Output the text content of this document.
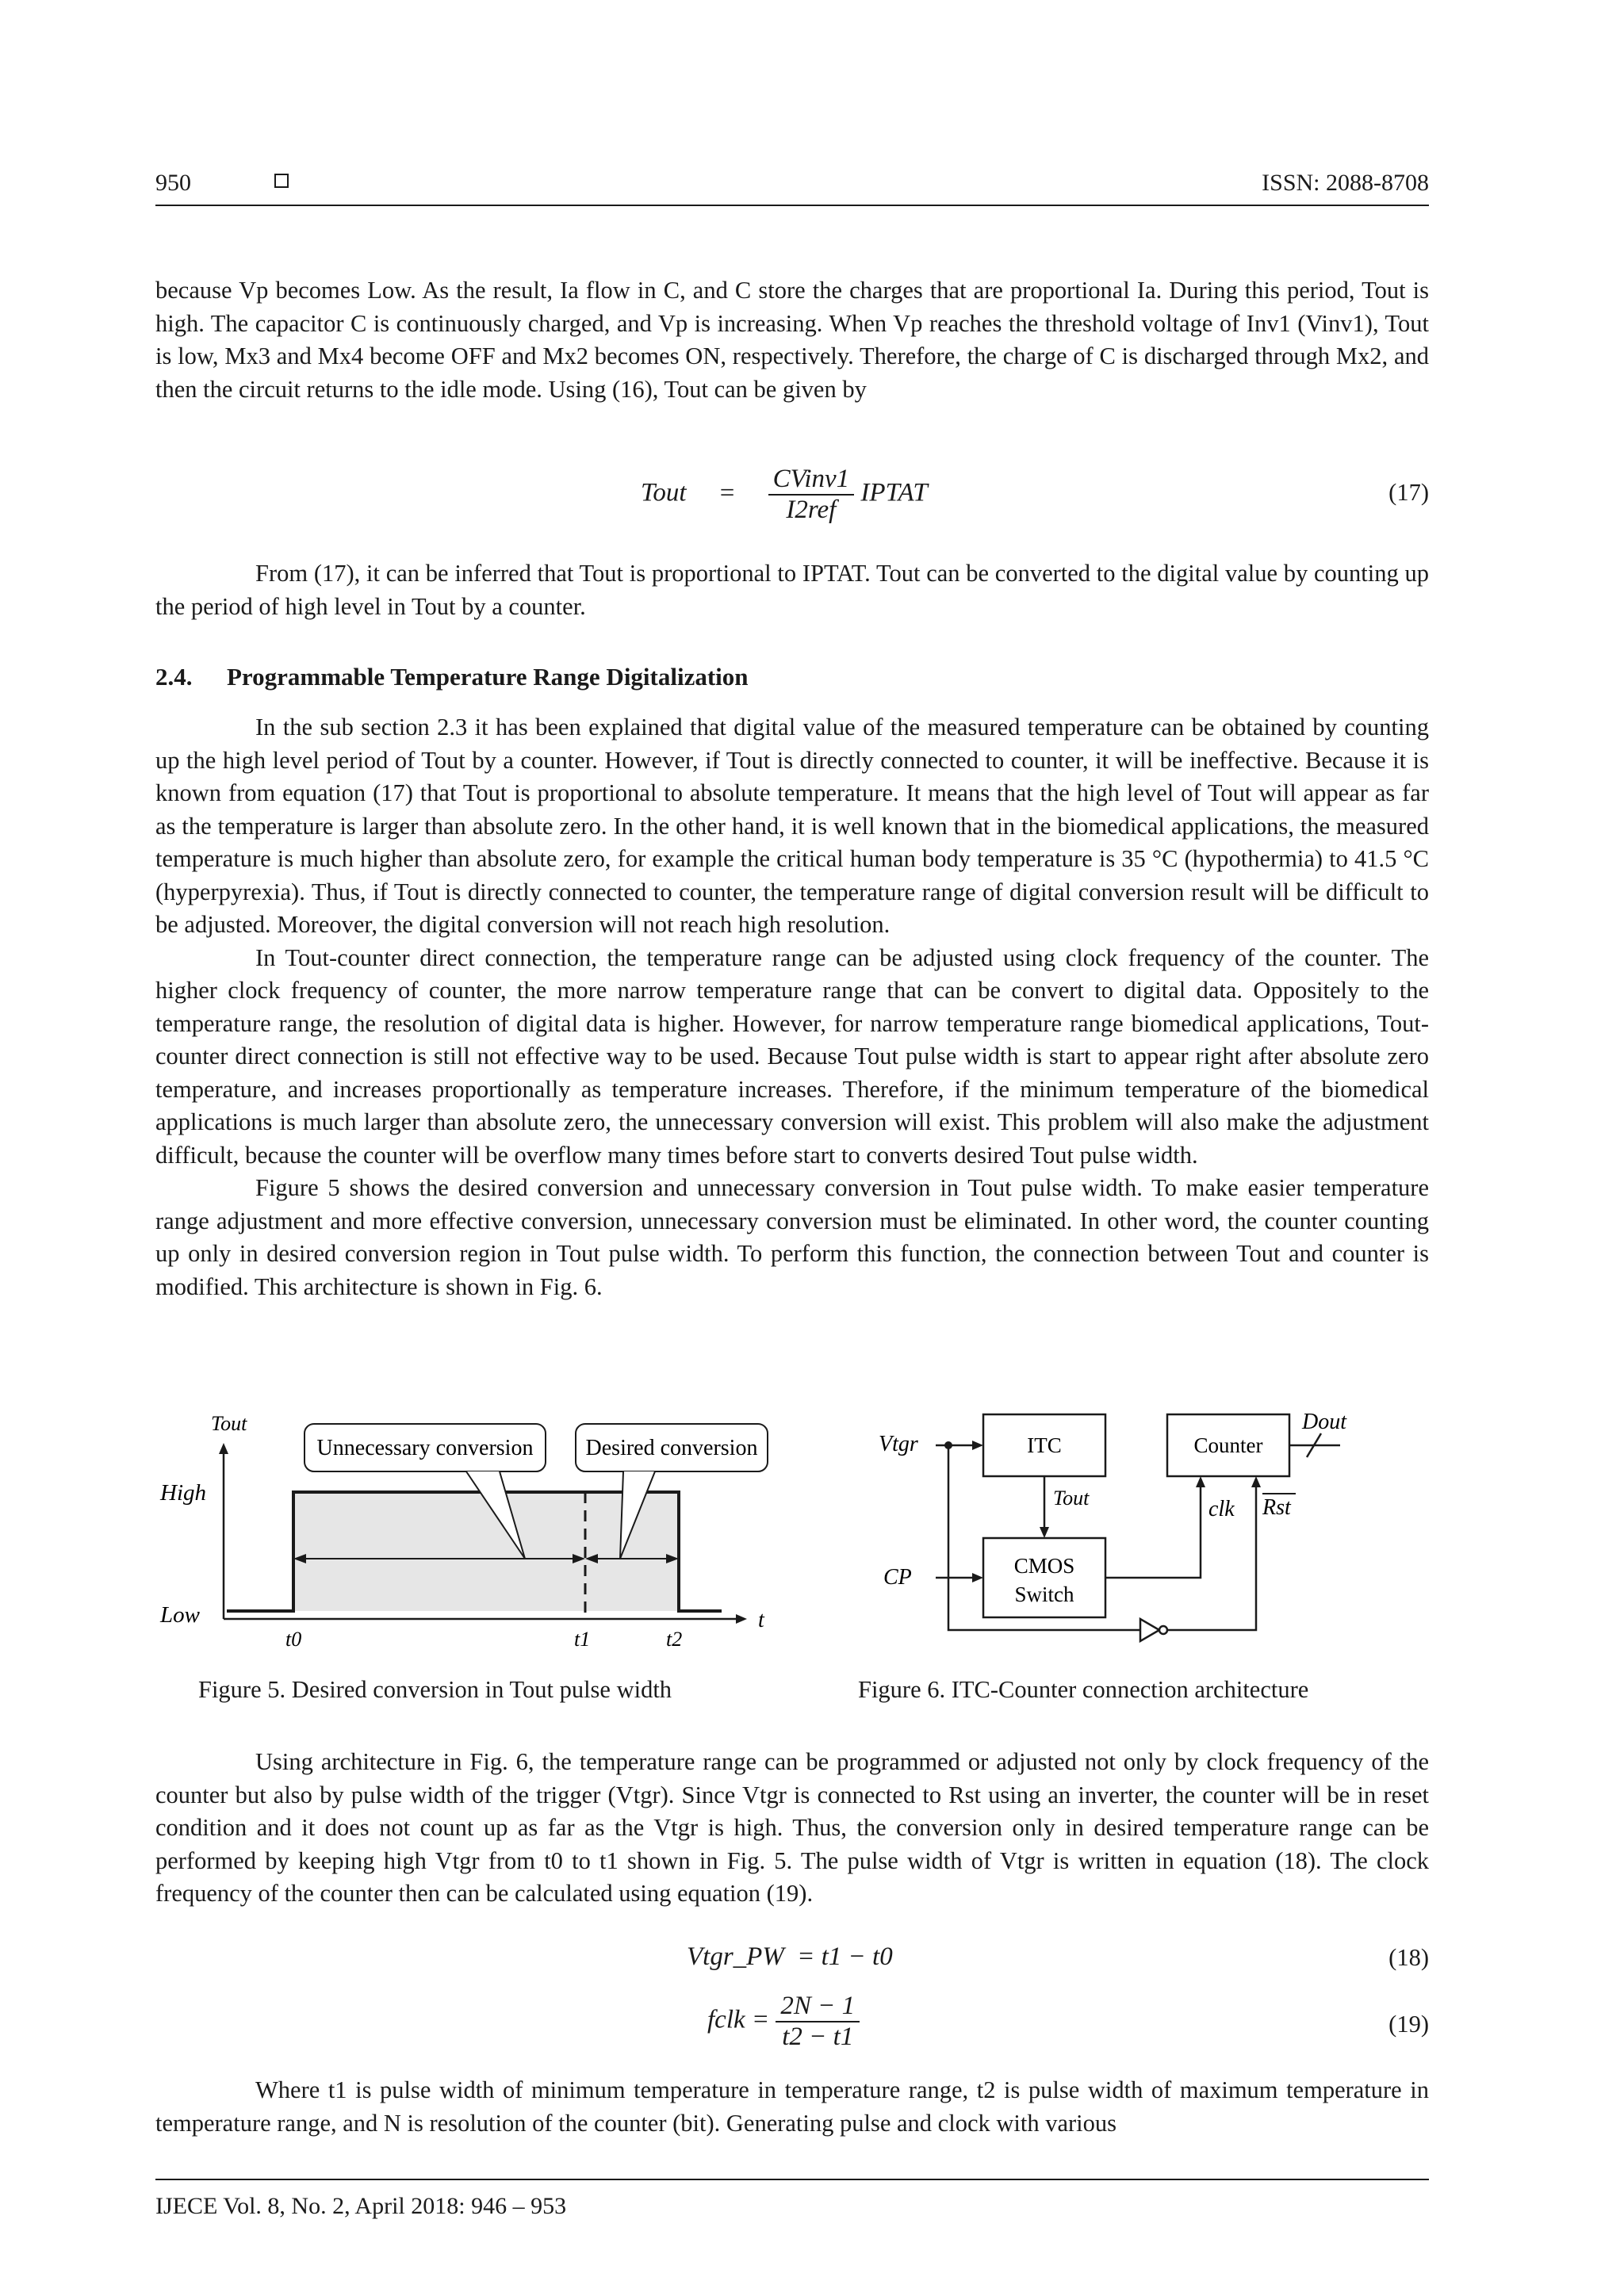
950	ISSN: 2088-8708

because Vp becomes Low. As the result, Ia flow in C, and C store the charges that are proportional Ia. During this period, Tout is high. The capacitor C is continuously charged, and Vp is increasing. When Vp reaches the threshold voltage of Inv1 (Vinv1), Tout is low, Mx3 and Mx4 become OFF and Mx2 becomes ON, respectively. Therefore, the charge of C is discharged through Mx2, and then the circuit returns to the idle mode. Using (16), Tout can be given by

Tout = $\frac{\text{CVinv1}}{\text{I2ref}}$ IPTAT	(17)

From (17), it can be inferred that Tout is proportional to IPTAT. Tout can be converted to the digital value by counting up the period of high level in Tout by a counter.

2.4. Programmable Temperature Range Digitalization

In the sub section 2.3 it has been explained that digital value of the measured temperature can be obtained by counting up the high level period of Tout by a counter. However, if Tout is directly connected to counter, it will be ineffective. Because it is known from equation (17) that Tout is proportional to absolute temperature. It means that the high level of Tout will appear as far as the temperature is larger than absolute zero. In the other hand, it is well known that in the biomedical applications, the measured temperature is much higher than absolute zero, for example the critical human body temperature is 35 °C (hypothermia) to 41.5 °C (hyperpyrexia). Thus, if Tout is directly connected to counter, the temperature range of digital conversion result will be difficult to be adjusted. Moreover, the digital conversion will not reach high resolution.

In Tout-counter direct connection, the temperature range can be adjusted using clock frequency of the counter. The higher clock frequency of counter, the more narrow temperature range that can be convert to digital data. Oppositely to the temperature range, the resolution of digital data is higher. However, for narrow temperature range biomedical applications, Tout-counter direct connection is still not effective way to be used. Because Tout pulse width is start to appear right after absolute zero temperature, and increases proportionally as temperature increases. Therefore, if the minimum temperature of the biomedical applications is much larger than absolute zero, the unnecessary conversion will exist. This problem will also make the adjustment difficult, because the counter will be overflow many times before start to converts desired Tout pulse width.

Figure 5 shows the desired conversion and unnecessary conversion in Tout pulse width. To make easier temperature range adjustment and more effective conversion, unnecessary conversion must be eliminated. In other word, the counter counting up only in desired conversion region in Tout pulse width. To perform this function, the connection between Tout and counter is modified. This architecture is shown in Fig. 6.

Unnecessary conversion Desired conversion
Tout
High
Low	t
t0	t1	t2
Figure 5. Desired conversion in Tout pulse width
ITC	Counter
CMOS
Switch
Vtgr
CP
Tout	clk Rst
Dout
Figure 6. ITC-Counter connection architecture

Using architecture in Fig. 6, the temperature range can be programmed or adjusted not only by clock frequency of the counter but also by pulse width of the trigger (Vtgr). Since Vtgr is connected to Rst using an inverter, the counter will be in reset condition and it does not count up as far as the Vtgr is high. Thus, the conversion only in desired temperature range can be performed by keeping high Vtgr from t0 to t1 shown in Fig. 5. The pulse width of Vtgr is written in equation (18). The clock frequency of the counter then can be calculated using equation (19).

Vtgr_PW = t1 − t0	(18)
fclk = $\frac{2N - 1}{t2 - t1}$	(19)

Where t1 is pulse width of minimum temperature in temperature range, t2 is pulse width of maximum temperature in temperature range, and N is resolution of the counter (bit). Generating pulse and clock with various

IJECE Vol. 8, No. 2, April 2018: 946 – 953
